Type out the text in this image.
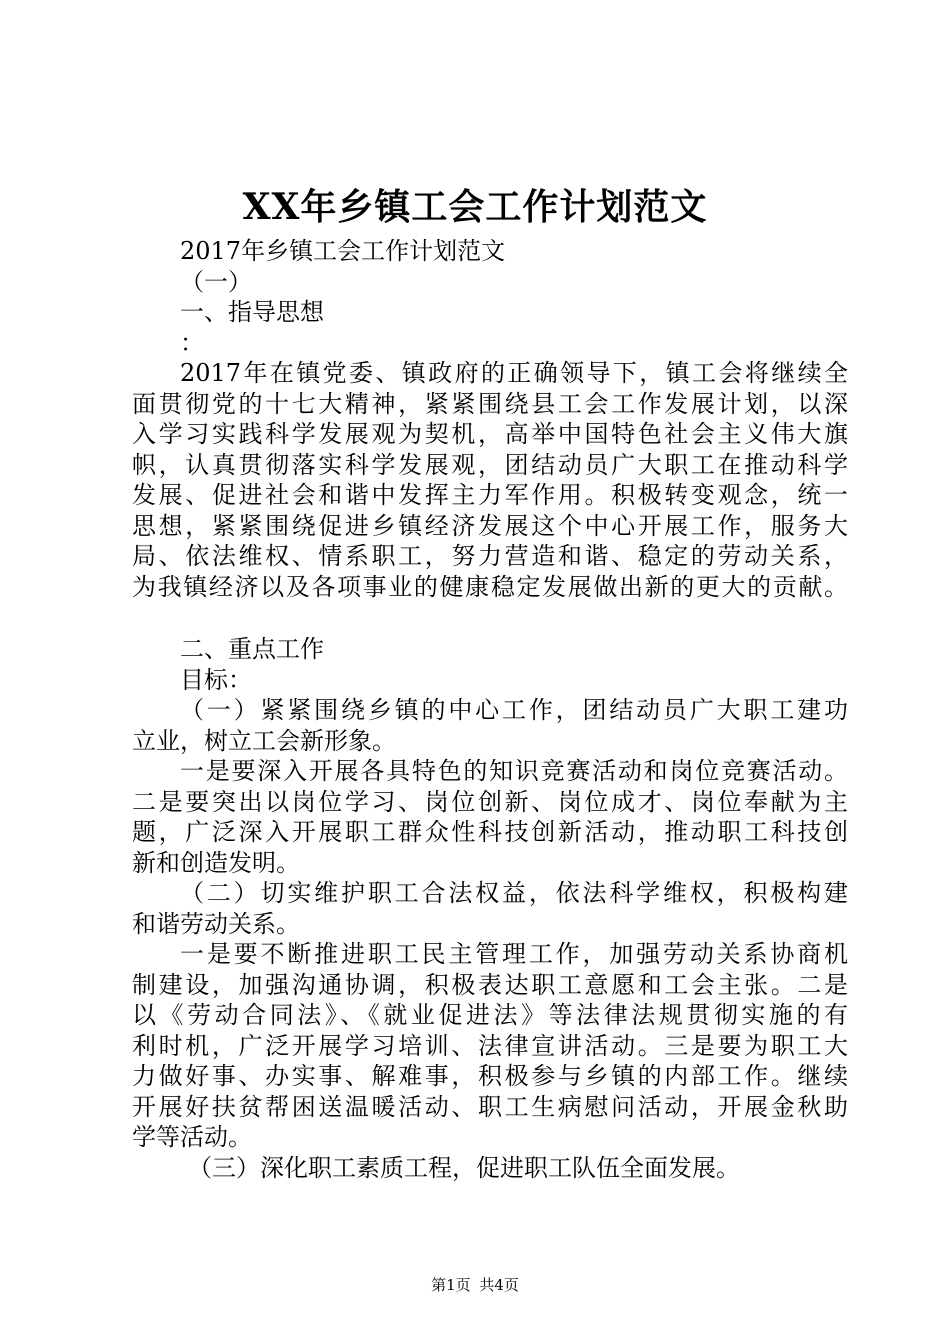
XX年乡镇工会工作计划范文
2017年乡镇工会工作计划范文
（一）
一、指导思想
：
2017年在镇党委、镇政府的正确领导下，镇工会将继续全
面贯彻党的十七大精神，紧紧围绕县工会工作发展计划，以深
入学习实践科学发展观为契机，高举中国特色社会主义伟大旗
帜，认真贯彻落实科学发展观，团结动员广大职工在推动科学
发展、促进社会和谐中发挥主力军作用。积极转变观念，统一
思想，紧紧围绕促进乡镇经济发展这个中心开展工作，服务大
局、依法维权、情系职工，努力营造和谐、稳定的劳动关系，
为我镇经济以及各项事业的健康稳定发展做出新的更大的贡献。
二、重点工作
目标：
（一）紧紧围绕乡镇的中心工作，团结动员广大职工建功
立业，树立工会新形象。
一是要深入开展各具特色的知识竞赛活动和岗位竞赛活动。
二是要突出以岗位学习、岗位创新、岗位成才、岗位奉献为主
题，广泛深入开展职工群众性科技创新活动，推动职工科技创
新和创造发明。
（二）切实维护职工合法权益，依法科学维权，积极构建
和谐劳动关系。
一是要不断推进职工民主管理工作，加强劳动关系协商机
制建设，加强沟通协调，积极表达职工意愿和工会主张。二是
以《劳动合同法》、《就业促进法》等法律法规贯彻实施的有
利时机，广泛开展学习培训、法律宣讲活动。三是要为职工大
力做好事、办实事、解难事，积极参与乡镇的内部工作。继续
开展好扶贫帮困送温暖活动、职工生病慰问活动，开展金秋助
学等活动。
（三）深化职工素质工程，促进职工队伍全面发展。
第1页 共4页
